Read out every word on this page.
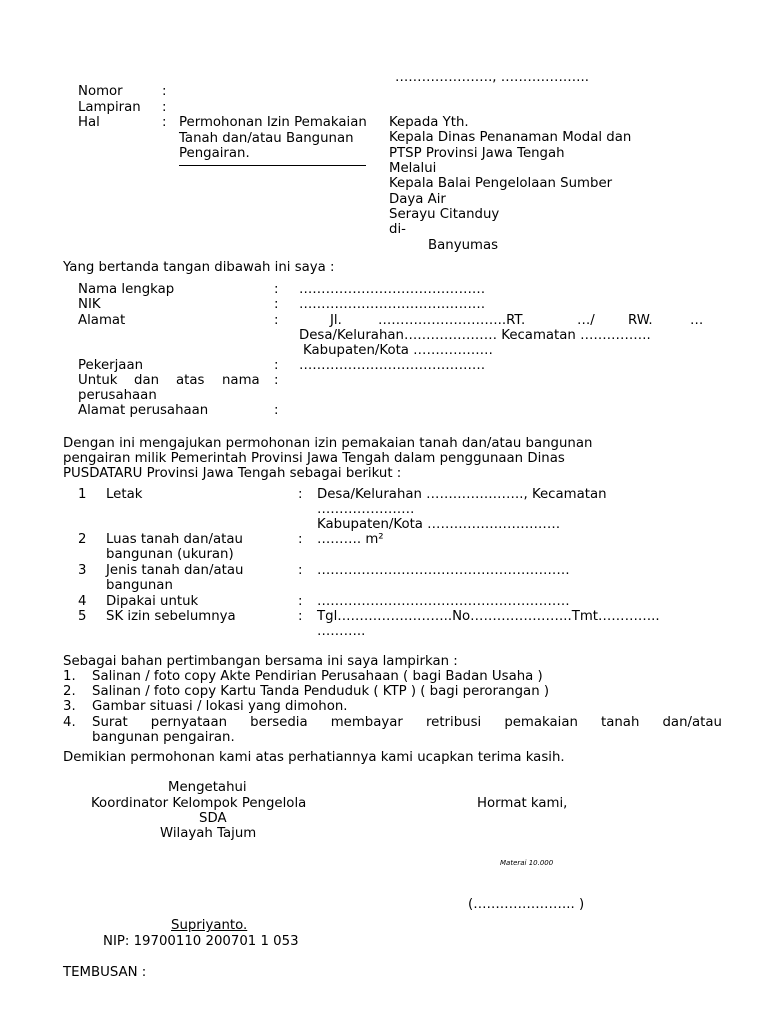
…………………., ………………..
Nomor	:
Lampiran :
Hal	: Permohonan Izin Pemakaian
Tanah dan/atau Bangunan
Pengairan.
Kepada Yth.
Kepala Dinas Penanaman Modal dan
PTSP Provinsi Jawa Tengah
Melalui
Kepala Balai Pengelolaan Sumber
Daya Air
Serayu Citanduy
di-
Banyumas
Yang bertanda tangan dibawah ini saya :
Nama lengkap	: ……………………………………
NIK	: ……………………………………
Alamat	:	Jl.	………………………..RT.	…/ RW.	…
Desa/Kelurahan………………… Kecamatan …………….
Kabupaten/Kota ………………
Pekerjaan	: ……………………………………
Untuk dan atas nama :
perusahaan
Alamat perusahaan	:
Dengan ini mengajukan permohonan izin pemakaian tanah dan/atau bangunan
pengairan milik Pemerintah Provinsi Jawa Tengah dalam penggunaan Dinas
PUSDATARU Provinsi Jawa Tengah sebagai berikut :
1 Letak	: Desa/Kelurahan …………………., Kecamatan
………………….
Kabupaten/Kota …………………………
2 Luas tanah dan/atau
bangunan (ukuran)
: ………. m²
3 Jenis tanah dan/atau
bangunan
: …………………………………………………
4 Dipakai untuk	: …………………………………………………
5 SK izin sebelumnya	: Tgl……………………..No…………………..Tmt…………..
………..
Sebagai bahan pertimbangan bersama ini saya lampirkan :
1. Salinan / foto copy Akte Pendirian Perusahaan ( bagi Badan Usaha )
2. Salinan / foto copy Kartu Tanda Penduduk ( KTP ) ( bagi perorangan )
3. Gambar situasi / lokasi yang dimohon.
4. Surat pernyataan bersedia membayar retribusi pemakaian tanah dan/atau
bangunan pengairan.
Demikian permohonan kami atas perhatiannya kami ucapkan terima kasih.
Mengetahui
Koordinator Kelompok Pengelola
SDA
Wilayah Tajum
Supriyanto.
NIP: 19700110 200701 1 053
Hormat kami,
Materai 10.000
(………………….. )
TEMBUSAN :
